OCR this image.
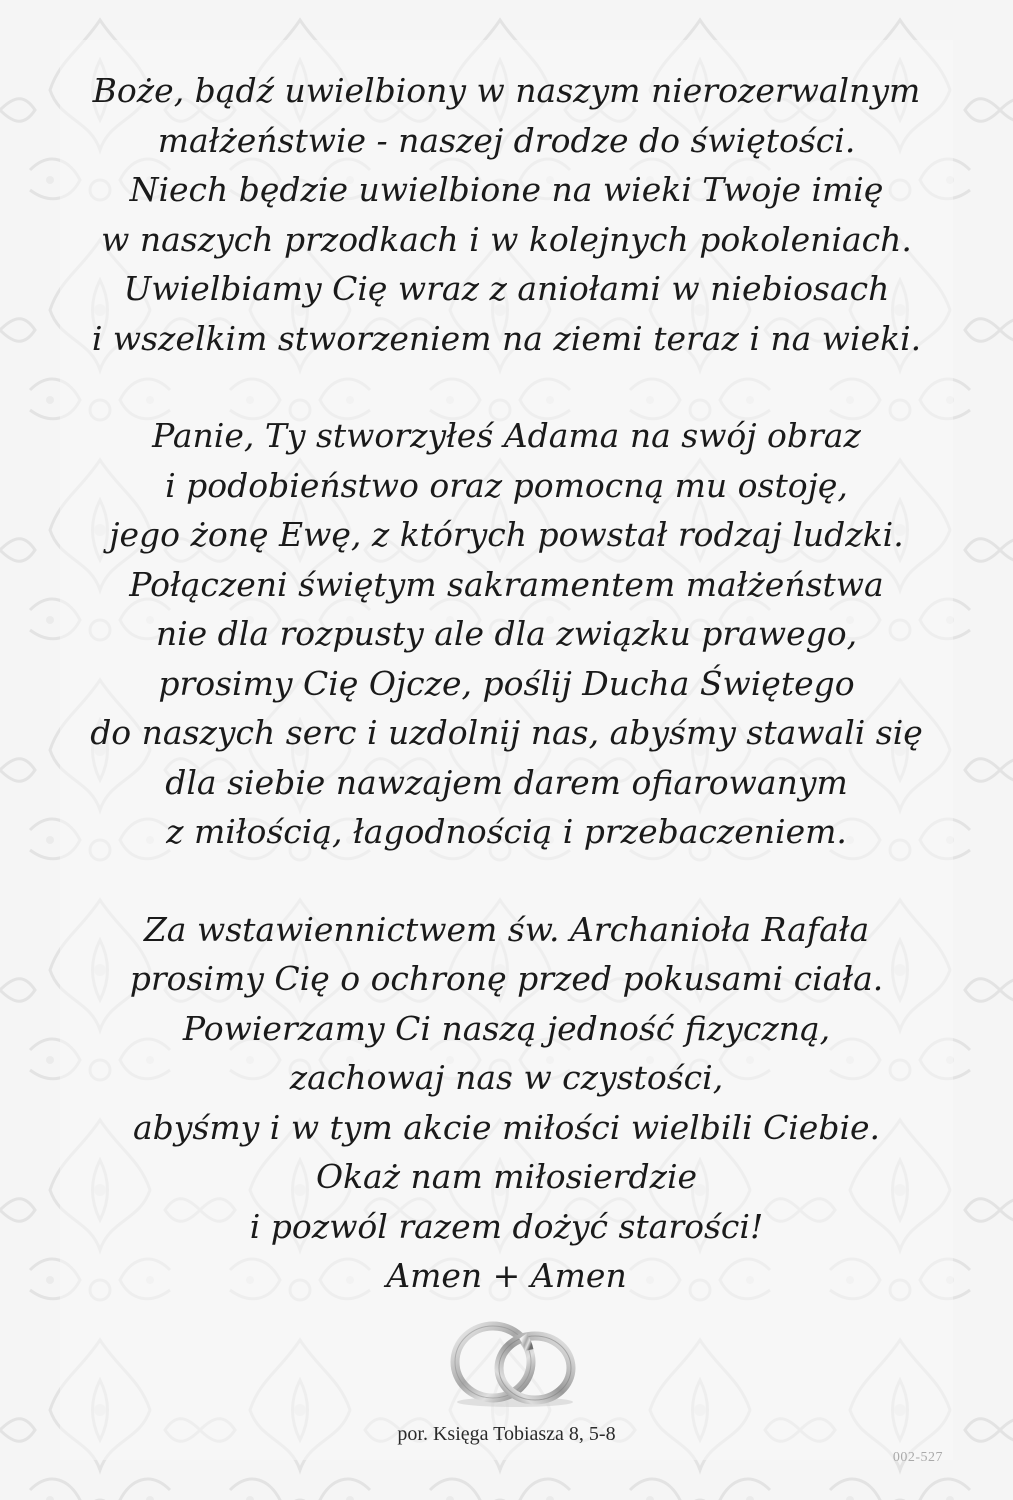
Boże, bądź uwielbiony w naszym nierozerwalnym
małżeństwie - naszej drodze do świętości.
Niech będzie uwielbione na wieki Twoje imię
w naszych przodkach i w kolejnych pokoleniach.
Uwielbiamy Cię wraz z aniołami w niebiosach
i wszelkim stworzeniem na ziemi teraz i na wieki.
Panie, Ty stworzyłeś Adama na swój obraz
i podobieństwo oraz pomocną mu ostoję,
jego żonę Ewę, z których powstał rodzaj ludzki.
Połączeni świętym sakramentem małżeństwa
nie dla rozpusty ale dla związku prawego,
prosimy Cię Ojcze, poślij Ducha Świętego
do naszych serc i uzdolnij nas, abyśmy stawali się
dla siebie nawzajem darem ofiarowanym
z miłością, łagodnością i przebaczeniem.
Za wstawiennictwem św. Archanioła Rafała
prosimy Cię o ochronę przed pokusami ciała.
Powierzamy Ci naszą jedność fizyczną,
zachowaj nas w czystości,
abyśmy i w tym akcie miłości wielbili Ciebie.
Okaż nam miłosierdzie
i pozwól razem dożyć starości!
Amen + Amen
por. Księga Tobiasza 8, 5-8
002-527
